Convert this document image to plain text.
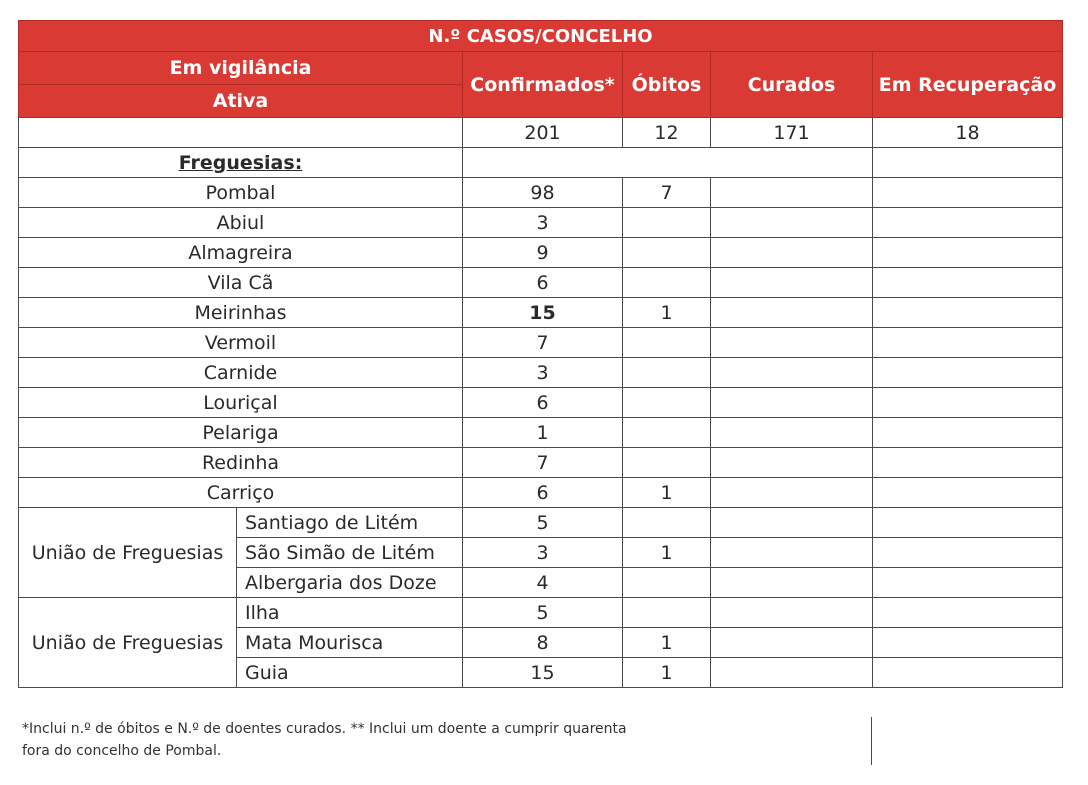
N.º CASOS/CONCELHO					
Em vigilância		Confirmados*	Óbitos	Curados	Em Recuperação
Ativa					
		201	12	171	18
Freguesias:					
Pombal		98	7		
Abiul		3			
Almagreira		9			
Vila Cã		6			
Meirinhas		15	1		
Vermoil		7			
Carnide		3			
Louriçal		6			
Pelariga		1			
Redinha		7			
Carriço		6	1		
União de Freguesias	Santiago de Litém	5			
	São Simão de Litém	3	1		
	Albergaria dos Doze	4			
União de Freguesias	Ilha	5			
	Mata Mourisca	8	1		
	Guia	15	1		
*Inclui n.º de óbitos e N.º de doentes curados. ** Inclui um doente a cumprir quarenta
fora do concelho de Pombal.
